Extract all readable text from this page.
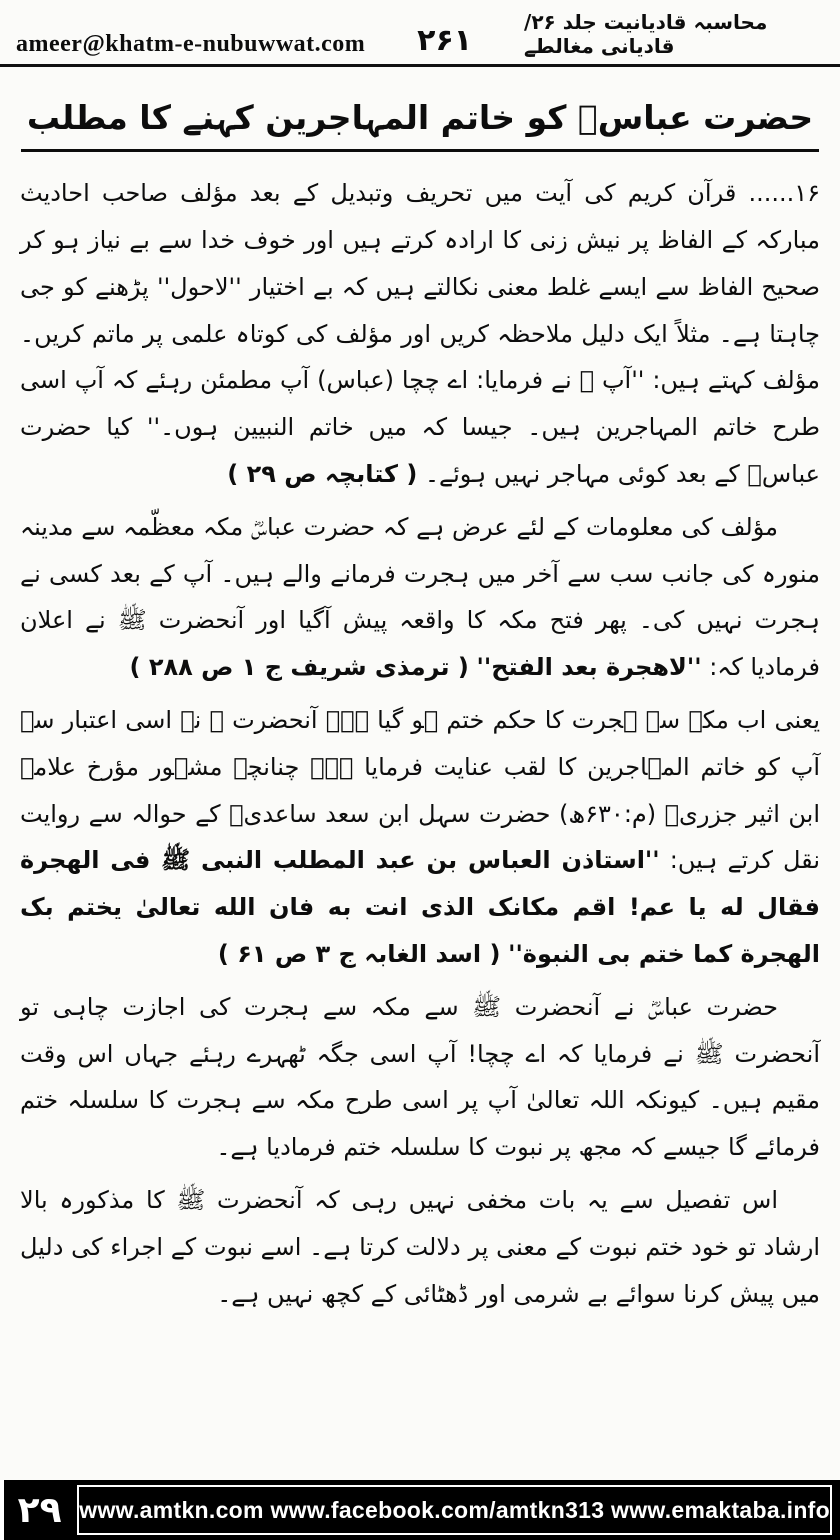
ameer@khatm-e-nubuwwat.com ۲۶۱
محاسبہ قادیانیت جلد ۲۶/قادیانی مغالطے
حضرت عباسؓ کو خاتم المہاجرین کہنے کا مطلب

۱۶...... قرآن کریم کی آیت میں تحریف وتبدیل کے بعد مؤلف صاحب احادیث مبارکہ کے الفاظ پر نیش زنی کا ارادہ کرتے ہیں اور خوف خدا سے بے نیاز ہو کر صحیح الفاظ سے ایسے غلط معنی نکالتے ہیں کہ بے اختیار ''لاحول'' پڑھنے کو جی چاہتا ہے۔ مثلاً ایک دلیل ملاحظہ کریں اور مؤلف کی کوتاہ علمی پر ماتم کریں۔ مؤلف کہتے ہیں: ''آپ ﷺ نے فرمایا: اے چچا (عباس) آپ مطمئن رہئے کہ آپ اسی طرح خاتم المہاجرین ہیں۔ جیسا کہ میں خاتم النبیین ہوں۔'' کیا حضرت عباسؓ کے بعد کوئی مہاجر نہیں ہوئے۔ ( کتابچہ ص ۲۹ )

مؤلف کی معلومات کے لئے عرض ہے کہ حضرت عباسؓ مکہ معظّمہ سے مدینہ منورہ کی جانب سب سے آخر میں ہجرت فرمانے والے ہیں۔ آپ کے بعد کسی نے ہجرت نہیں کی۔ پھر فتح مکہ کا واقعہ پیش آگیا اور آنحضرت ﷺ نے اعلان فرمادیا کہ: ''لاھجرة بعد الفتح'' ( ترمذی شریف ج ۱ ص ۲۸۸ )

یعنی اب مکہ سے ہجرت کا حکم ختم ہو گیا ہے۔ آنحضرت ﷺ نے اسی اعتبار سے آپ کو خاتم المہاجرین کا لقب عنایت فرمایا ہے۔ چنانچہ مشہور مؤرخ علامہ ابن اثیر جزریؒ (م:۶۳۰ھ) حضرت سہل ابن سعد ساعدیؓ کے حوالہ سے روایت نقل کرتے ہیں: ''استاذن العباس بن عبد المطلب النبی ﷺ فی الھجرة فقال له یا عم! اقم مکانک الذی انت به فان الله تعالیٰ یختم بک الھجرة کما ختم بی النبوة'' ( اسد الغابہ ج ۳ ص ۶۱ )

حضرت عباسؓ نے آنحضرت ﷺ سے مکہ سے ہجرت کی اجازت چاہی تو آنحضرت ﷺ نے فرمایا کہ اے چچا! آپ اسی جگہ ٹھہرے رہئے جہاں اس وقت مقیم ہیں۔ کیونکہ اللہ تعالیٰ آپ پر اسی طرح مکہ سے ہجرت کا سلسلہ ختم فرمائے گا جیسے کہ مجھ پر نبوت کا سلسلہ ختم فرمادیا ہے۔

اس تفصیل سے یہ بات مخفی نہیں رہی کہ آنحضرت ﷺ کا مذکورہ بالا ارشاد تو خود ختم نبوت کے معنی پر دلالت کرتا ہے۔ اسے نبوت کے اجراء کی دلیل میں پیش کرنا سوائے بے شرمی اور ڈھٹائی کے کچھ نہیں ہے۔

۲۹ www.amtkn.com www.facebook.com/amtkn313 www.emaktaba.info
